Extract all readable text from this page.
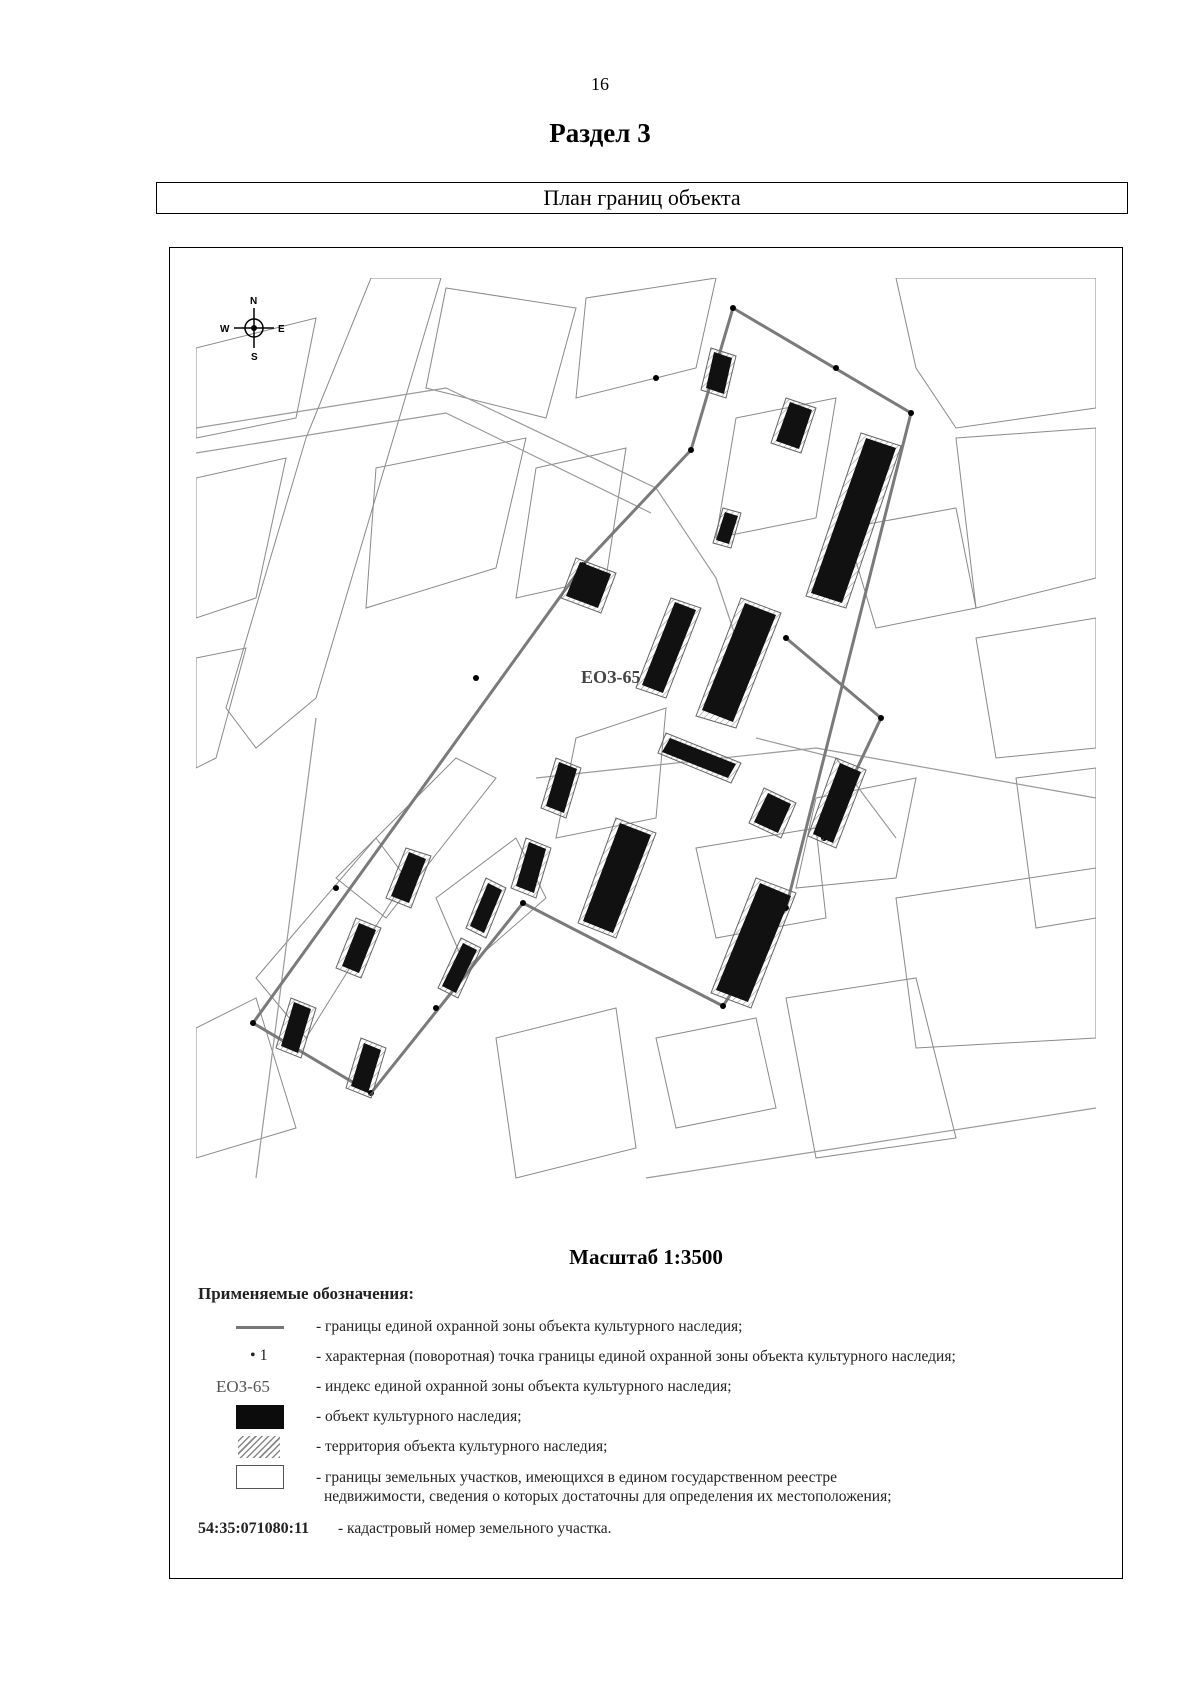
16
Раздел 3
План границ объекта
ЕОЗ-65
N
S
E
W
Масштаб 1:3500
Применяемые обозначения:
- границы единой охранной зоны объекта культурного наследия;
• 1	- характерная (поворотная) точка границы единой охранной зоны объекта культурного наследия;
ЕОЗ-65	- индекс единой охранной зоны объекта культурного наследия;
- объект культурного наследия;
- территория объекта культурного наследия;
- границы земельных участков, имеющихся в едином государственном реестре
недвижимости, сведения о которых достаточны для определения их местоположения;
54:35:071080:11 - кадастровый номер земельного участка.
